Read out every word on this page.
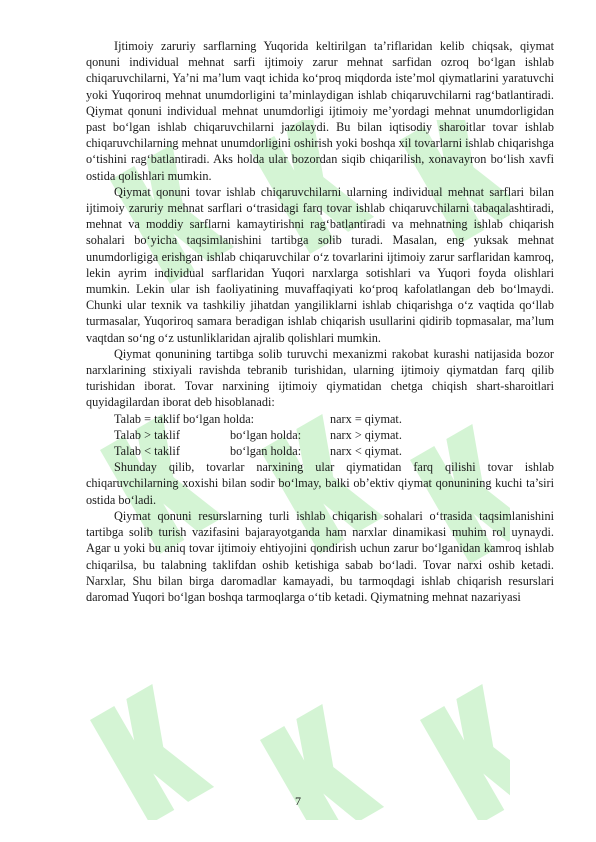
Ijtimoiy zaruriy sarflarning Yuqorida keltirilgan ta’riflaridan kelib chiqsak, qiymat qonuni individual mehnat sarfi ijtimoiy zarur mehnat sarfidan ozroq bo‘lgan ishlab chiqaruvchilarni, Ya’ni ma’lum vaqt ichida ko‘proq miqdorda iste’mol qiymatlarini yaratuvchi yoki Yuqoriroq mehnat unumdorligini ta’minlaydigan ishlab chiqaruvchilarni rag‘batlantiradi. Qiymat qonuni individual mehnat unumdorligi ijtimoiy me’yordagi mehnat unumdorligidan past bo‘lgan ishlab chiqaruvchilarni jazolaydi. Bu bilan iqtisodiy sharoitlar tovar ishlab chiqaruvchilarning mehnat unumdorligini oshirish yoki boshqa xil tovarlarni ishlab chiqarishga o‘tishini rag‘batlantiradi. Aks holda ular bozordan siqib chiqarilish, xonavayron bo‘lish xavfi ostida qolishlari mumkin.

Qiymat qonuni tovar ishlab chiqaruvchilarni ularning individual mehnat sarflari bilan ijtimoiy zaruriy mehnat sarflari o‘trasidagi farq tovar ishlab chiqaruvchilarni tabaqalashtiradi, mehnat va moddiy sarflarni kamaytirishni rag‘batlantiradi va mehnatning ishlab chiqarish sohalari bo‘yicha taqsimlanishini tartibga solib turadi. Masalan, eng yuksak mehnat unumdorligiga erishgan ishlab chiqaruvchilar o‘z tovarlarini ijtimoiy zarur sarflaridan kamroq, lekin ayrim individual sarflaridan Yuqori narxlarga sotishlari va Yuqori foyda olishlari mumkin. Lekin ular ish faoliyatining muvaffaqiyati ko‘proq kafolatlangan deb bo‘lmaydi. Chunki ular texnik va tashkiliy jihatdan yangiliklarni ishlab chiqarishga o‘z vaqtida qo‘llab turmasalar, Yuqoriroq samara beradigan ishlab chiqarish usullarini qidirib topmasalar, ma’lum vaqtdan so‘ng o‘z ustunliklaridan ajralib qolishlari mumkin.

Qiymat qonunining tartibga solib turuvchi mexanizmi rakobat kurashi natijasida bozor narxlarining stixiyali ravishda tebranib turishidan, ularning ijtimoiy qiymatdan farq qilib turishidan iborat. Tovar narxining ijtimoiy qiymatidan chetga chiqish shart-sharoitlari quyidagilardan iborat deb hisoblanadi:

Talab = taklif bo‘lgan holda:	narx = qiymat.
Talab > taklif	bo‘lgan holda:	narx > qiymat.
Talab < taklif	bo‘lgan holda:	narx < qiymat.

Shunday qilib, tovarlar narxining ular qiymatidan farq qilishi tovar ishlab chiqaruvchilarning xoxishi bilan sodir bo‘lmay, balki ob’ektiv qiymat qonunining kuchi ta’siri ostida bo‘ladi.

Qiymat qonuni resurslarning turli ishlab chiqarish sohalari o‘trasida taqsimlanishini tartibga solib turish vazifasini bajarayotganda ham narxlar dinamikasi muhim rol uynaydi. Agar u yoki bu aniq tovar ijtimoiy ehtiyojini qondirish uchun zarur bo‘lganidan kamroq ishlab chiqarilsa, bu talabning taklifdan oshib ketishiga sabab bo‘ladi. Tovar narxi oshib ketadi. Narxlar, Shu bilan birga daromadlar kamayadi, bu tarmoqdagi ishlab chiqarish resurslari daromad Yuqori bo‘lgan boshqa tarmoqlarga o‘tib ketadi. Qiymatning mehnat nazariyasi

7
